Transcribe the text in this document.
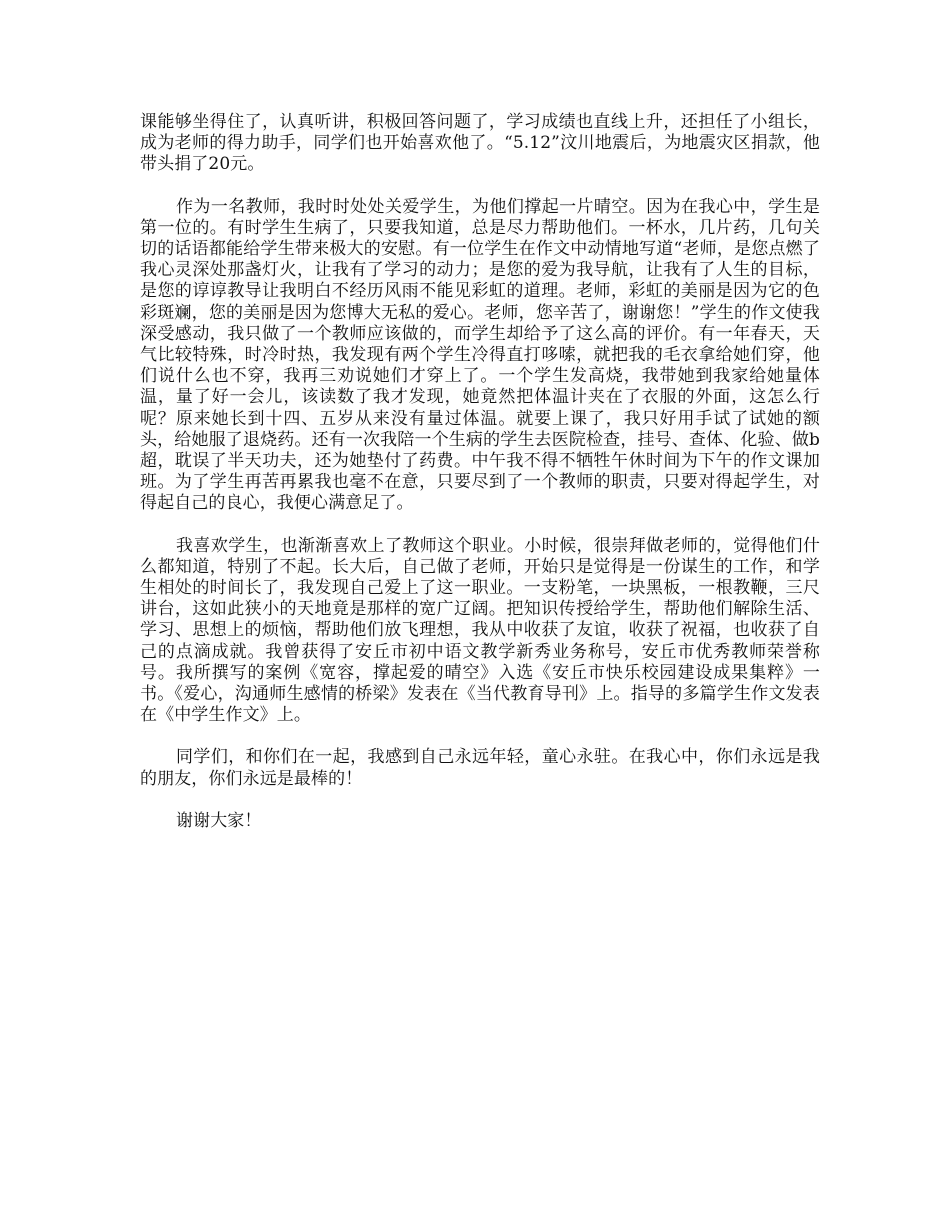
课能够坐得住了，认真听讲，积极回答问题了，学习成绩也直线上升，还担任了小组长，成为老师的得力助手，同学们也开始喜欢他了。“5.12”汶川地震后，为地震灾区捐款，他带头捐了20元。

作为一名教师，我时时处处关爱学生，为他们撑起一片晴空。因为在我心中，学生是第一位的。有时学生生病了，只要我知道，总是尽力帮助他们。一杯水，几片药，几句关切的话语都能给学生带来极大的安慰。有一位学生在作文中动情地写道“老师，是您点燃了我心灵深处那盏灯火，让我有了学习的动力；是您的爱为我导航，让我有了人生的目标，是您的谆谆教导让我明白不经历风雨不能见彩虹的道理。老师，彩虹的美丽是因为它的色彩斑斓，您的美丽是因为您博大无私的爱心。老师，您辛苦了，谢谢您！”学生的作文使我深受感动，我只做了一个教师应该做的，而学生却给予了这么高的评价。有一年春天，天气比较特殊，时冷时热，我发现有两个学生冷得直打哆嗦，就把我的毛衣拿给她们穿，他们说什么也不穿，我再三劝说她们才穿上了。一个学生发高烧，我带她到我家给她量体温，量了好一会儿，该读数了我才发现，她竟然把体温计夹在了衣服的外面，这怎么行呢？原来她长到十四、五岁从来没有量过体温。就要上课了，我只好用手试了试她的额头，给她服了退烧药。还有一次我陪一个生病的学生去医院检查，挂号、查体、化验、做b超，耽误了半天功夫，还为她垫付了药费。中午我不得不牺牲午休时间为下午的作文课加班。为了学生再苦再累我也毫不在意，只要尽到了一个教师的职责，只要对得起学生，对得起自己的良心，我便心满意足了。

我喜欢学生，也渐渐喜欢上了教师这个职业。小时候，很崇拜做老师的，觉得他们什么都知道，特别了不起。长大后，自己做了老师，开始只是觉得是一份谋生的工作，和学生相处的时间长了，我发现自己爱上了这一职业。一支粉笔，一块黑板，一根教鞭，三尺讲台，这如此狭小的天地竟是那样的宽广辽阔。把知识传授给学生，帮助他们解除生活、学习、思想上的烦恼，帮助他们放飞理想，我从中收获了友谊，收获了祝福，也收获了自己的点滴成就。我曾获得了安丘市初中语文教学新秀业务称号，安丘市优秀教师荣誉称号。我所撰写的案例《宽容，撑起爱的晴空》入选《安丘市快乐校园建设成果集粹》一书。《爱心，沟通师生感情的桥梁》发表在《当代教育导刊》上。指导的多篇学生作文发表在《中学生作文》上。

同学们，和你们在一起，我感到自己永远年轻，童心永驻。在我心中，你们永远是我的朋友，你们永远是最棒的！

谢谢大家！
